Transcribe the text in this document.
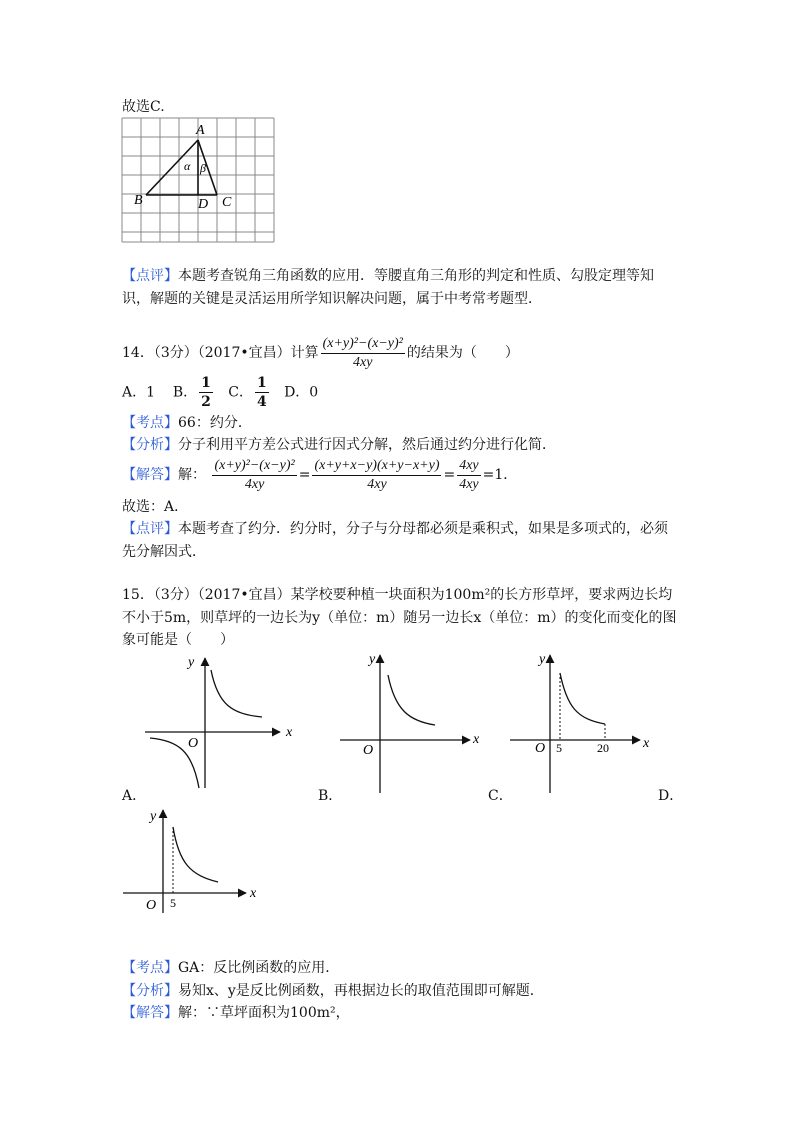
故选C.
A
B	C
D
α β
【点评】本题考查锐角三角函数的应用．等腰直角三角形的判定和性质、勾股定理等知
识，解题的关键是灵活运用所学知识解决问题，属于中考常考题型．
14．（3分）（2017•宜昌）计算 $\frac{\text{(x+y)²−(x−y)²}}{4xy}$ 的结果为（　　）
A．1 B． $\frac{1}{2}$ C． $\frac{1}{4}$ D．0
【考点】66：约分．
【分析】分子利用平方差公式进行因式分解，然后通过约分进行化简．
【解答】解： $\frac{\text{(x+y)²−(x−y)²}}{4xy} = \frac{(x+y+x-y)(x+y-x+y)}{4xy} = \frac{4xy}{4xy} =1$．
故选：A．
【点评】本题考查了约分．约分时，分子与分母都必须是乘积式，如果是多项式的，必须
先分解因式．
15．（3分）（2017•宜昌）某学校要种植一块面积为100m²的长方形草坪，要求两边长均
不小于5m，则草坪的一边长为y（单位：m）随另一边长x（单位：m）的变化而变化的图
象可能是（　　）
x
y
O
A．
x
y
O
B．
x
y
O 5	20
C．	D．
x
y
O 5
【考点】GA：反比例函数的应用．
【分析】易知x、y是反比例函数，再根据边长的取值范围即可解题．
【解答】解：∵草坪面积为100m²，
